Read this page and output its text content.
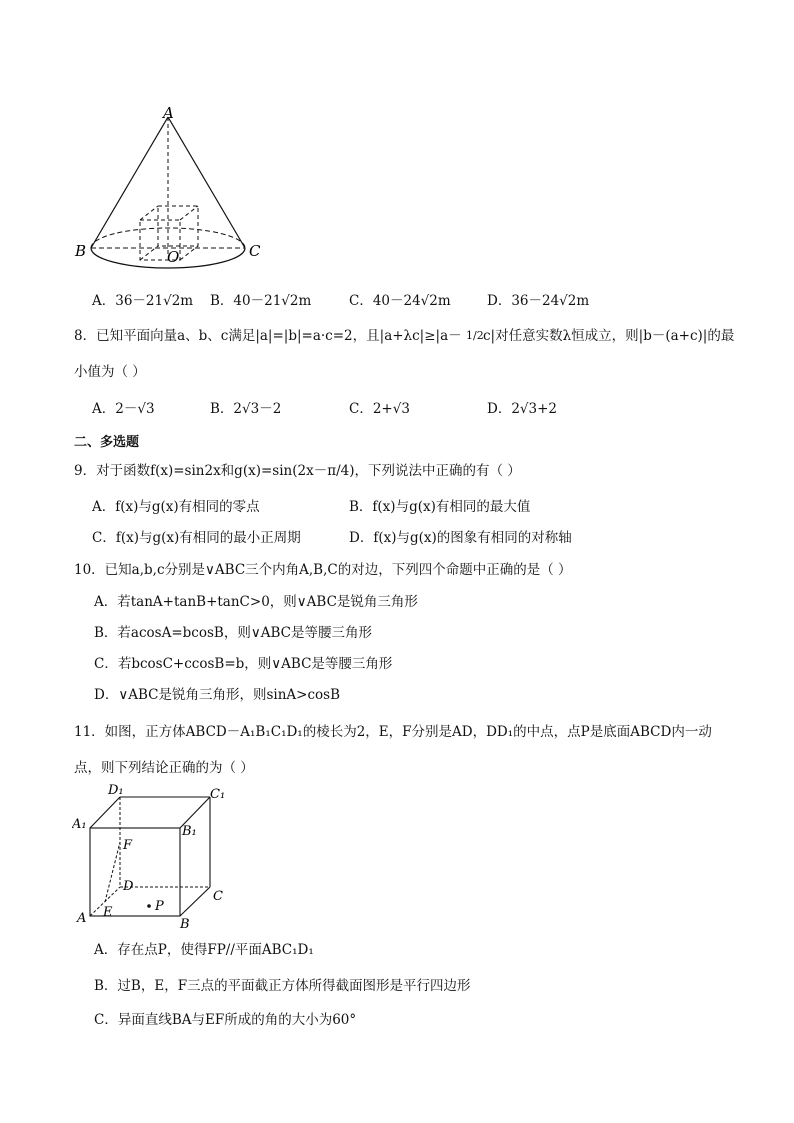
A
B	C
O
A．36－21√2m B．40－21√2m	C．40－24√2m	D．36－24√2m
8．已知平面向量a、b、c满足|a|=|b|=a·c=2，且|a+λc|≥|a－ 1/2 c|对任意实数λ恒成立，则|b－(a+c)|的最
小值为（ ）
A．2－√3	B．2√3－2	C．2+√3	D．2√3+2
二、多选题
9．对于函数f(x)=sin2x和g(x)=sin(2x－π/4)，下列说法中正确的有（ ）
A．f(x)与g(x)有相同的零点	B．f(x)与g(x)有相同的最大值
C．f(x)与g(x)有相同的最小正周期	D．f(x)与g(x)的图象有相同的对称轴
10．已知a,b,c分别是∨ABC三个内角A,B,C的对边，下列四个命题中正确的是（ ）
A．若tanA+tanB+tanC>0，则∨ABC是锐角三角形
B．若acosA=bcosB，则∨ABC是等腰三角形
C．若bcosC+ccosB=b，则∨ABC是等腰三角形
D．∨ABC是锐角三角形，则sinA>cosB
11．如图，正方体ABCD－A₁B₁C₁D₁的棱长为2，E，F分别是AD，DD₁的中点，点P是底面ABCD内一动
点，则下列结论正确的为（ ）
D₁	C₁
A₁	B₁
F
D
C
A E	P
B
A．存在点P，使得FP//平面ABC₁D₁
B．过B，E，F三点的平面截正方体所得截面图形是平行四边形
C．异面直线BA与EF所成的角的大小为60°
